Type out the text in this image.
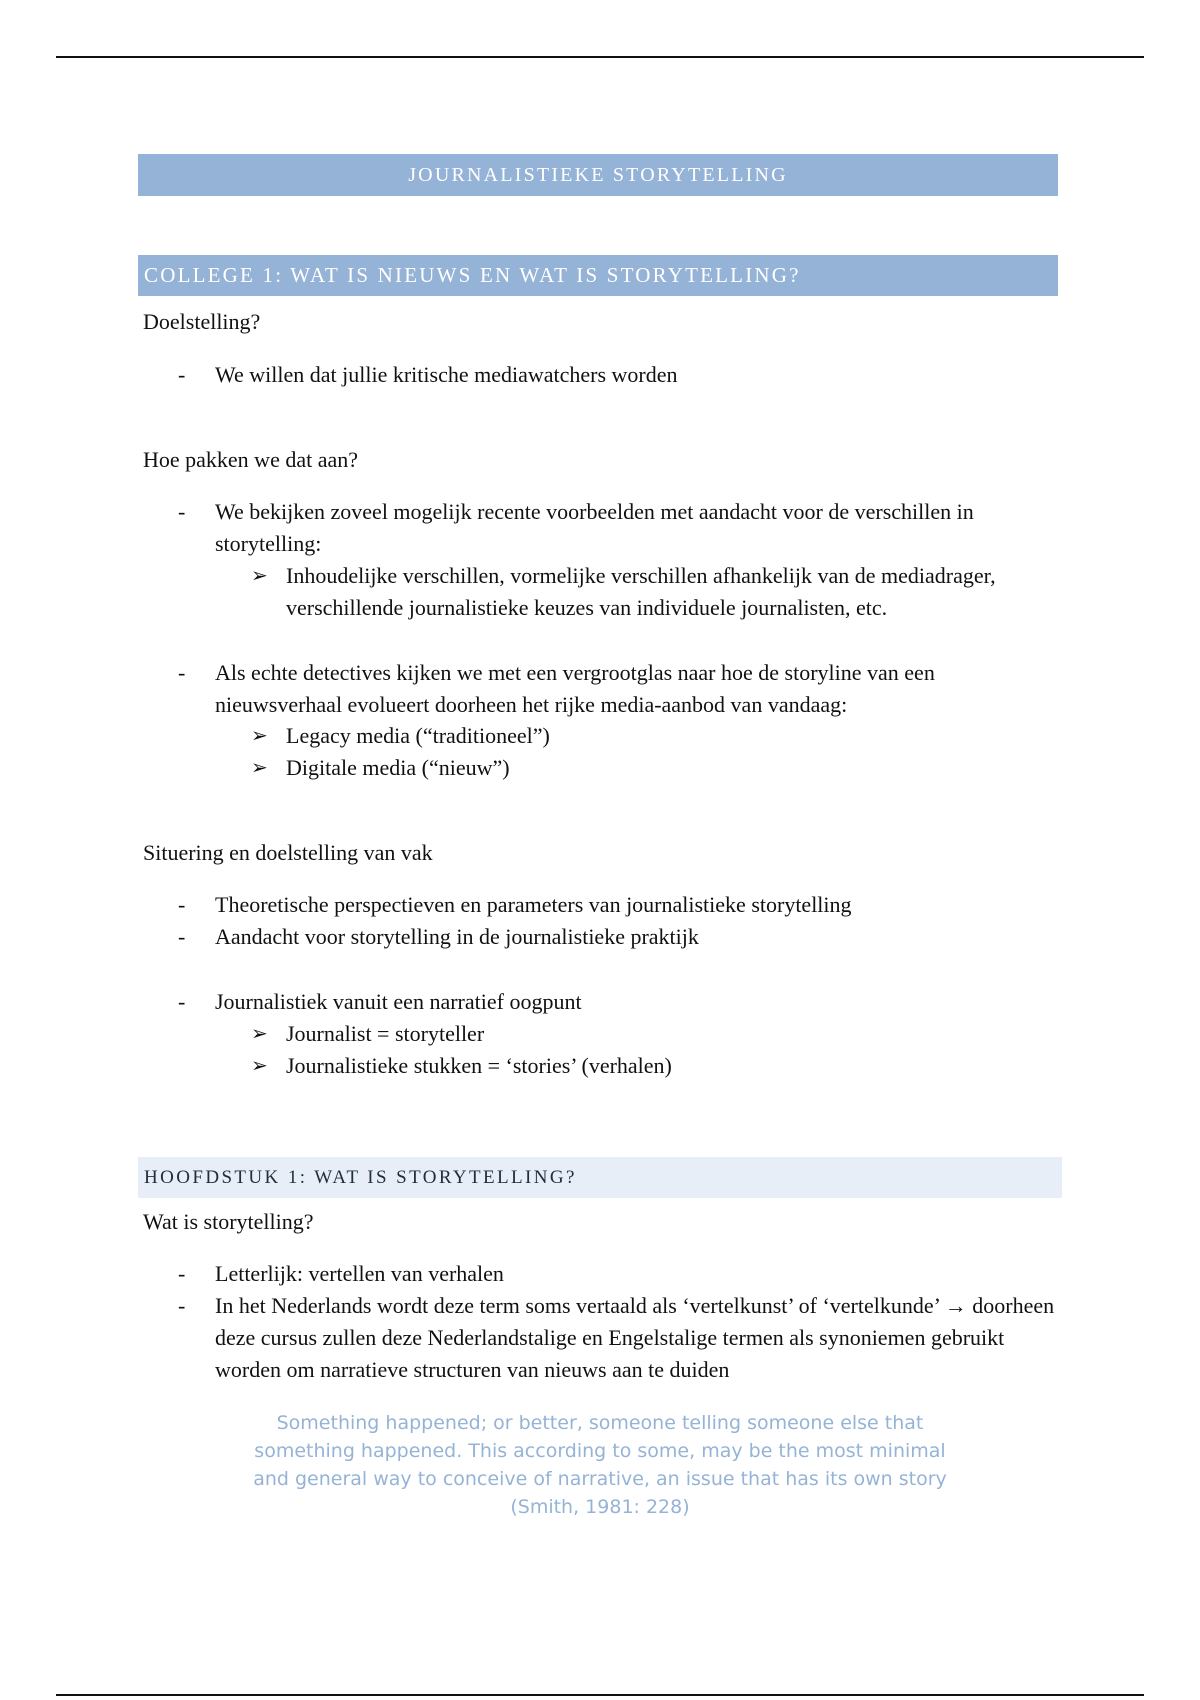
JOURNALISTIEKE STORYTELLING
COLLEGE 1: WAT IS NIEUWS EN WAT IS STORYTELLING?
Doelstelling?
-	We willen dat jullie kritische mediawatchers worden
Hoe pakken we dat aan?
-	We bekijken zoveel mogelijk recente voorbeelden met aandacht voor de verschillen in storytelling:
➢ Inhoudelijke verschillen, vormelijke verschillen afhankelijk van de mediadrager, verschillende journalistieke keuzes van individuele journalisten, etc.
-	Als echte detectives kijken we met een vergrootglas naar hoe de storyline van een nieuwsverhaal evolueert doorheen het rijke media-aanbod van vandaag:
➢ Legacy media (“traditioneel”)
➢ Digitale media (“nieuw”)
Situering en doelstelling van vak
-	Theoretische perspectieven en parameters van journalistieke storytelling
-	Aandacht voor storytelling in de journalistieke praktijk
-	Journalistiek vanuit een narratief oogpunt
➢ Journalist = storyteller
➢ Journalistieke stukken = ‘stories’ (verhalen)
HOOFDSTUK 1: WAT IS STORYTELLING?
Wat is storytelling?
-	Letterlijk: vertellen van verhalen
-	In het Nederlands wordt deze term soms vertaald als ‘vertelkunst’ of ‘vertelkunde’ → doorheen deze cursus zullen deze Nederlandstalige en Engelstalige termen als synoniemen gebruikt worden om narratieve structuren van nieuws aan te duiden
Something happened; or better, someone telling someone else that something happened. This according to some, may be the most minimal and general way to conceive of narrative, an issue that has its own story (Smith, 1981: 228)
